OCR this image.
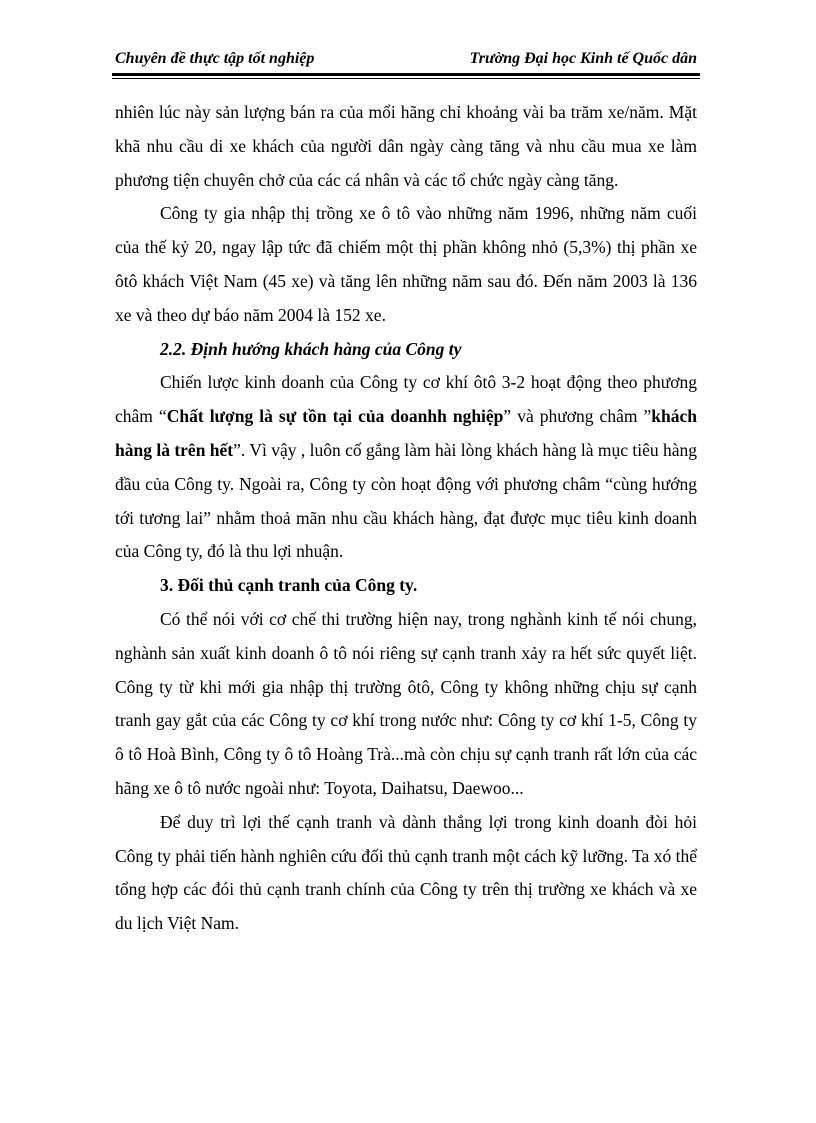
Chuyên đề thực tập tốt nghiệp	Trường Đại học Kinh tế Quốc dân

nhiên lúc này sản lượng bán ra của mổi hãng chỉ khoảng vài ba trăm xe/năm. Mặt khã nhu cầu di xe khách của người dân ngày càng tăng và nhu cầu mua xe làm phương tiện chuyên chở của các cá nhân và các tổ chức ngày càng tăng.

Công ty gia nhập thị trồng xe ô tô vào những năm 1996, những năm cuối của thế kỷ 20, ngay lập tức đã chiếm một thị phần không nhỏ (5,3%) thị phần xe ôtô khách Việt Nam (45 xe) và tăng lên những năm sau đó. Đến năm 2003 là 136 xe và theo dự báo năm 2004 là 152 xe.

2.2. Định hướng khách hàng của Công ty

Chiến lược kinh doanh của Công ty cơ khí ôtô 3-2 hoạt động theo phương châm “Chất lượng là sự tồn tại của doanhh nghiệp” và phương châm ”khách hàng là trên hết”. Vì vậy , luôn cố gắng làm hài lòng khách hàng là mục tiêu hàng đầu của Công ty. Ngoài ra, Công ty còn hoạt động với phương châm “cùng hướng tới tương lai” nhằm thoả mãn nhu cầu khách hàng, đạt được mục tiêu kinh doanh của Công ty, đó là thu lợi nhuận.

3. Đối thủ cạnh tranh của Công ty.

Có thể nói với cơ chế thi trường hiện nay, trong nghành kinh tế nói chung, nghành sản xuất kinh doanh ô tô nói riêng sự cạnh tranh xảy ra hết sức quyết liệt. Công ty từ khi mới gia nhập thị trường ôtô, Công ty không những chịu sự cạnh tranh gay gắt của các Công ty cơ khí trong nước như: Công ty cơ khí 1-5, Công ty ô tô Hoà Bình, Công ty ô tô Hoàng Trà...mà còn chịu sự cạnh tranh rất lớn của các hãng xe ô tô nước ngoài như: Toyota, Daihatsu, Daewoo...

Để duy trì lợi thế cạnh tranh và dành thắng lợi trong kinh doanh đòi hỏi Công ty phải tiến hành nghiên cứu đối thủ cạnh tranh một cách kỹ lưỡng. Ta xó thể tổng hợp các đói thủ cạnh tranh chính của Công ty trên thị trường xe khách và xe du lịch Việt Nam.
